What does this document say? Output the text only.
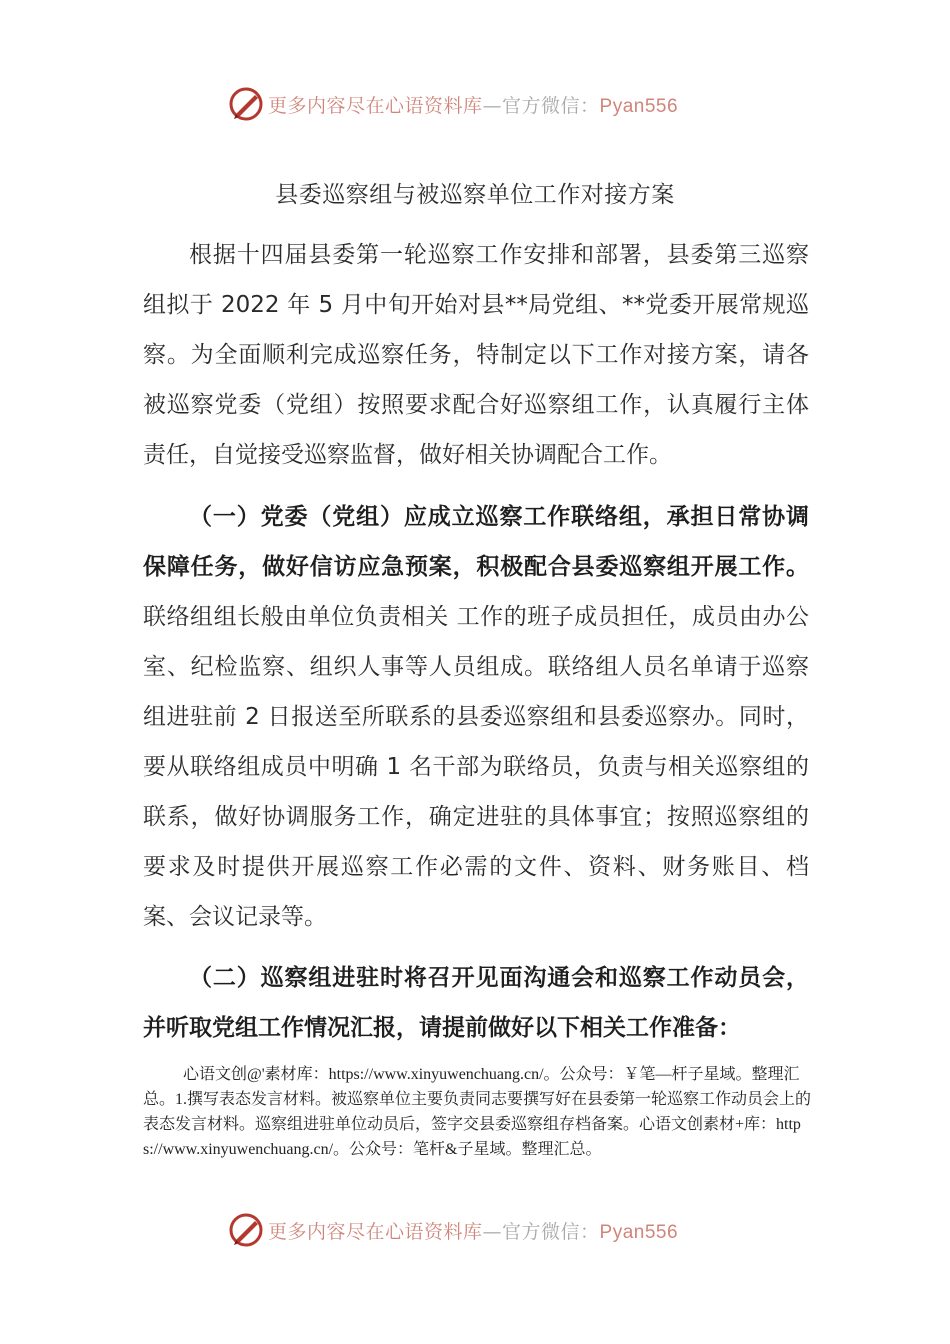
更多内容尽在心语资料库—官方微信：Pyan556
县委巡察组与被巡察单位工作对接方案

根据十四届县委第一轮巡察工作安排和部署，县委第三巡察组拟于 2022 年 5 月中旬开始对县**局党组、**党委开展常规巡察。为全面顺利完成巡察任务，特制定以下工作对接方案，请各被巡察党委（党组）按照要求配合好巡察组工作，认真履行主体责任，自觉接受巡察监督，做好相关协调配合工作。

（一）党委（党组）应成立巡察工作联络组，承担日常协调保障任务，做好信访应急预案，积极配合县委巡察组开展工作。联络组组长般由单位负责相关 工作的班子成员担任，成员由办公室、纪检监察、组织人事等人员组成。联络组人员名单请于巡察组进驻前 2 日报送至所联系的县委巡察组和县委巡察办。同时，要从联络组成员中明确 1 名干部为联络员，负责与相关巡察组的联系，做好协调服务工作，确定进驻的具体事宜；按照巡察组的要求及时提供开展巡察工作必需的文件、资料、财务账目、档案、会议记录等。

（二）巡察组进驻时将召开见面沟通会和巡察工作动员会，并听取党组工作情况汇报，请提前做好以下相关工作准备：

心语文创@'素材库：https://www.xinyuwenchuang.cn/。公众号：￥笔—杆子星域。整理汇总。1.撰写表态发言材料。被巡察单位主要负责同志要撰写好在县委第一轮巡察工作动员会上的表态发言材料。巡察组进驻单位动员后，签字交县委巡察组存档备案。心语文创素材+库：https://www.xinyuwenchuang.cn/。公众号：笔杆&子星域。整理汇总。

更多内容尽在心语资料库—官方微信：Pyan556
